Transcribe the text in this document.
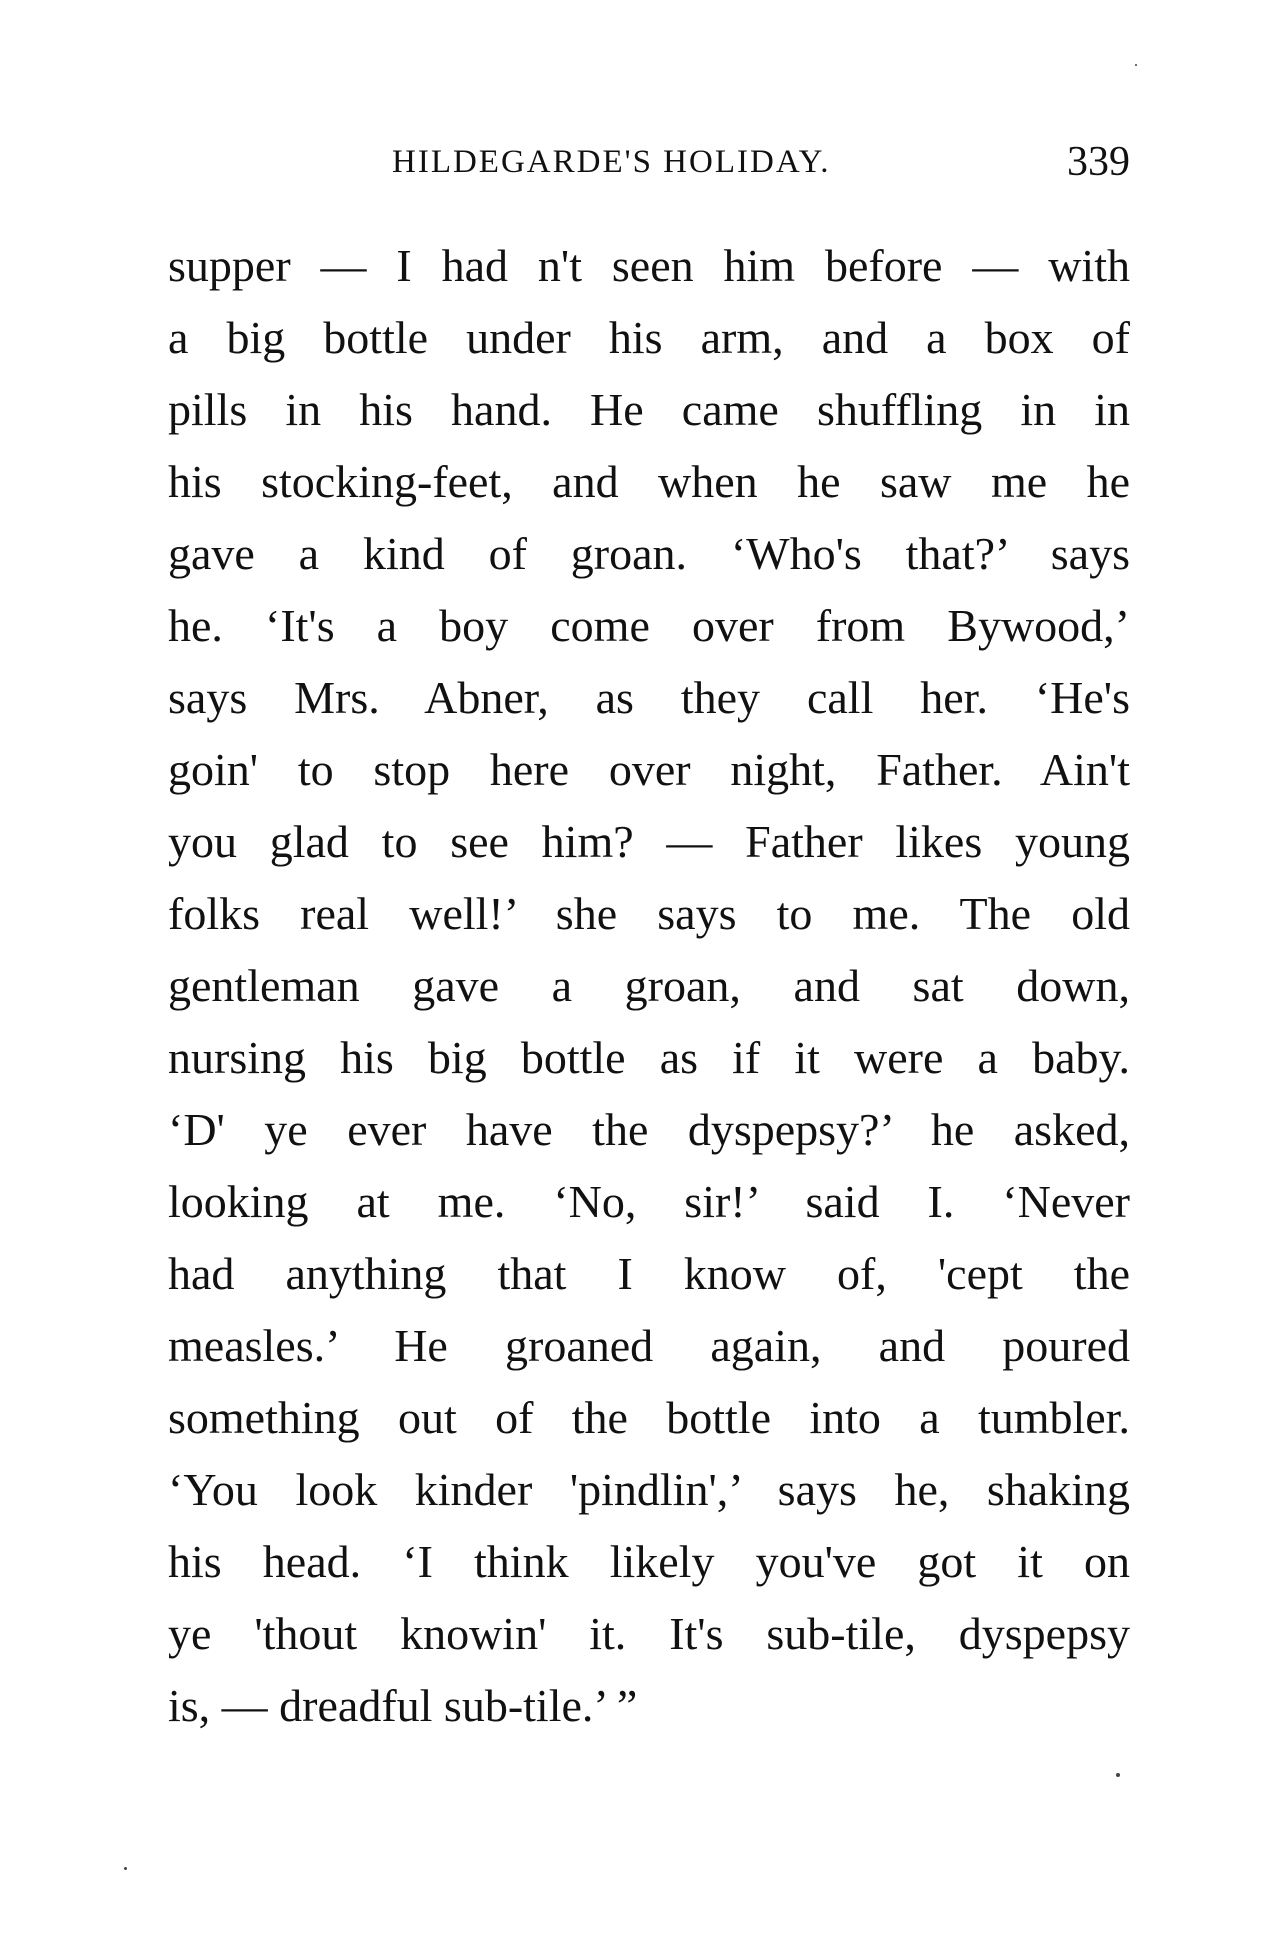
HILDEGARDE'S HOLIDAY.	339
supper — I had n't seen him before — with
a big bottle under his arm, and a box of
pills in his hand. He came shuffling in in
his stocking-feet, and when he saw me he
gave a kind of groan. ‘Who's that?’ says
he. ‘It's a boy come over from Bywood,’
says Mrs. Abner, as they call her. ‘He's
goin' to stop here over night, Father. Ain't
you glad to see him? — Father likes young
folks real well!’ she says to me. The old
gentleman gave a groan, and sat down,
nursing his big bottle as if it were a baby.
‘D' ye ever have the dyspepsy?’ he asked,
looking at me. ‘No, sir!’ said I. ‘Never
had anything that I know of, 'cept the
measles.’ He groaned again, and poured
something out of the bottle into a tumbler.
‘You look kinder 'pindlin',’ says he, shaking
his head. ‘I think likely you've got it on
ye 'thout knowin' it. It's sub-tile, dyspepsy
is, — dreadful sub-tile.’ ”
